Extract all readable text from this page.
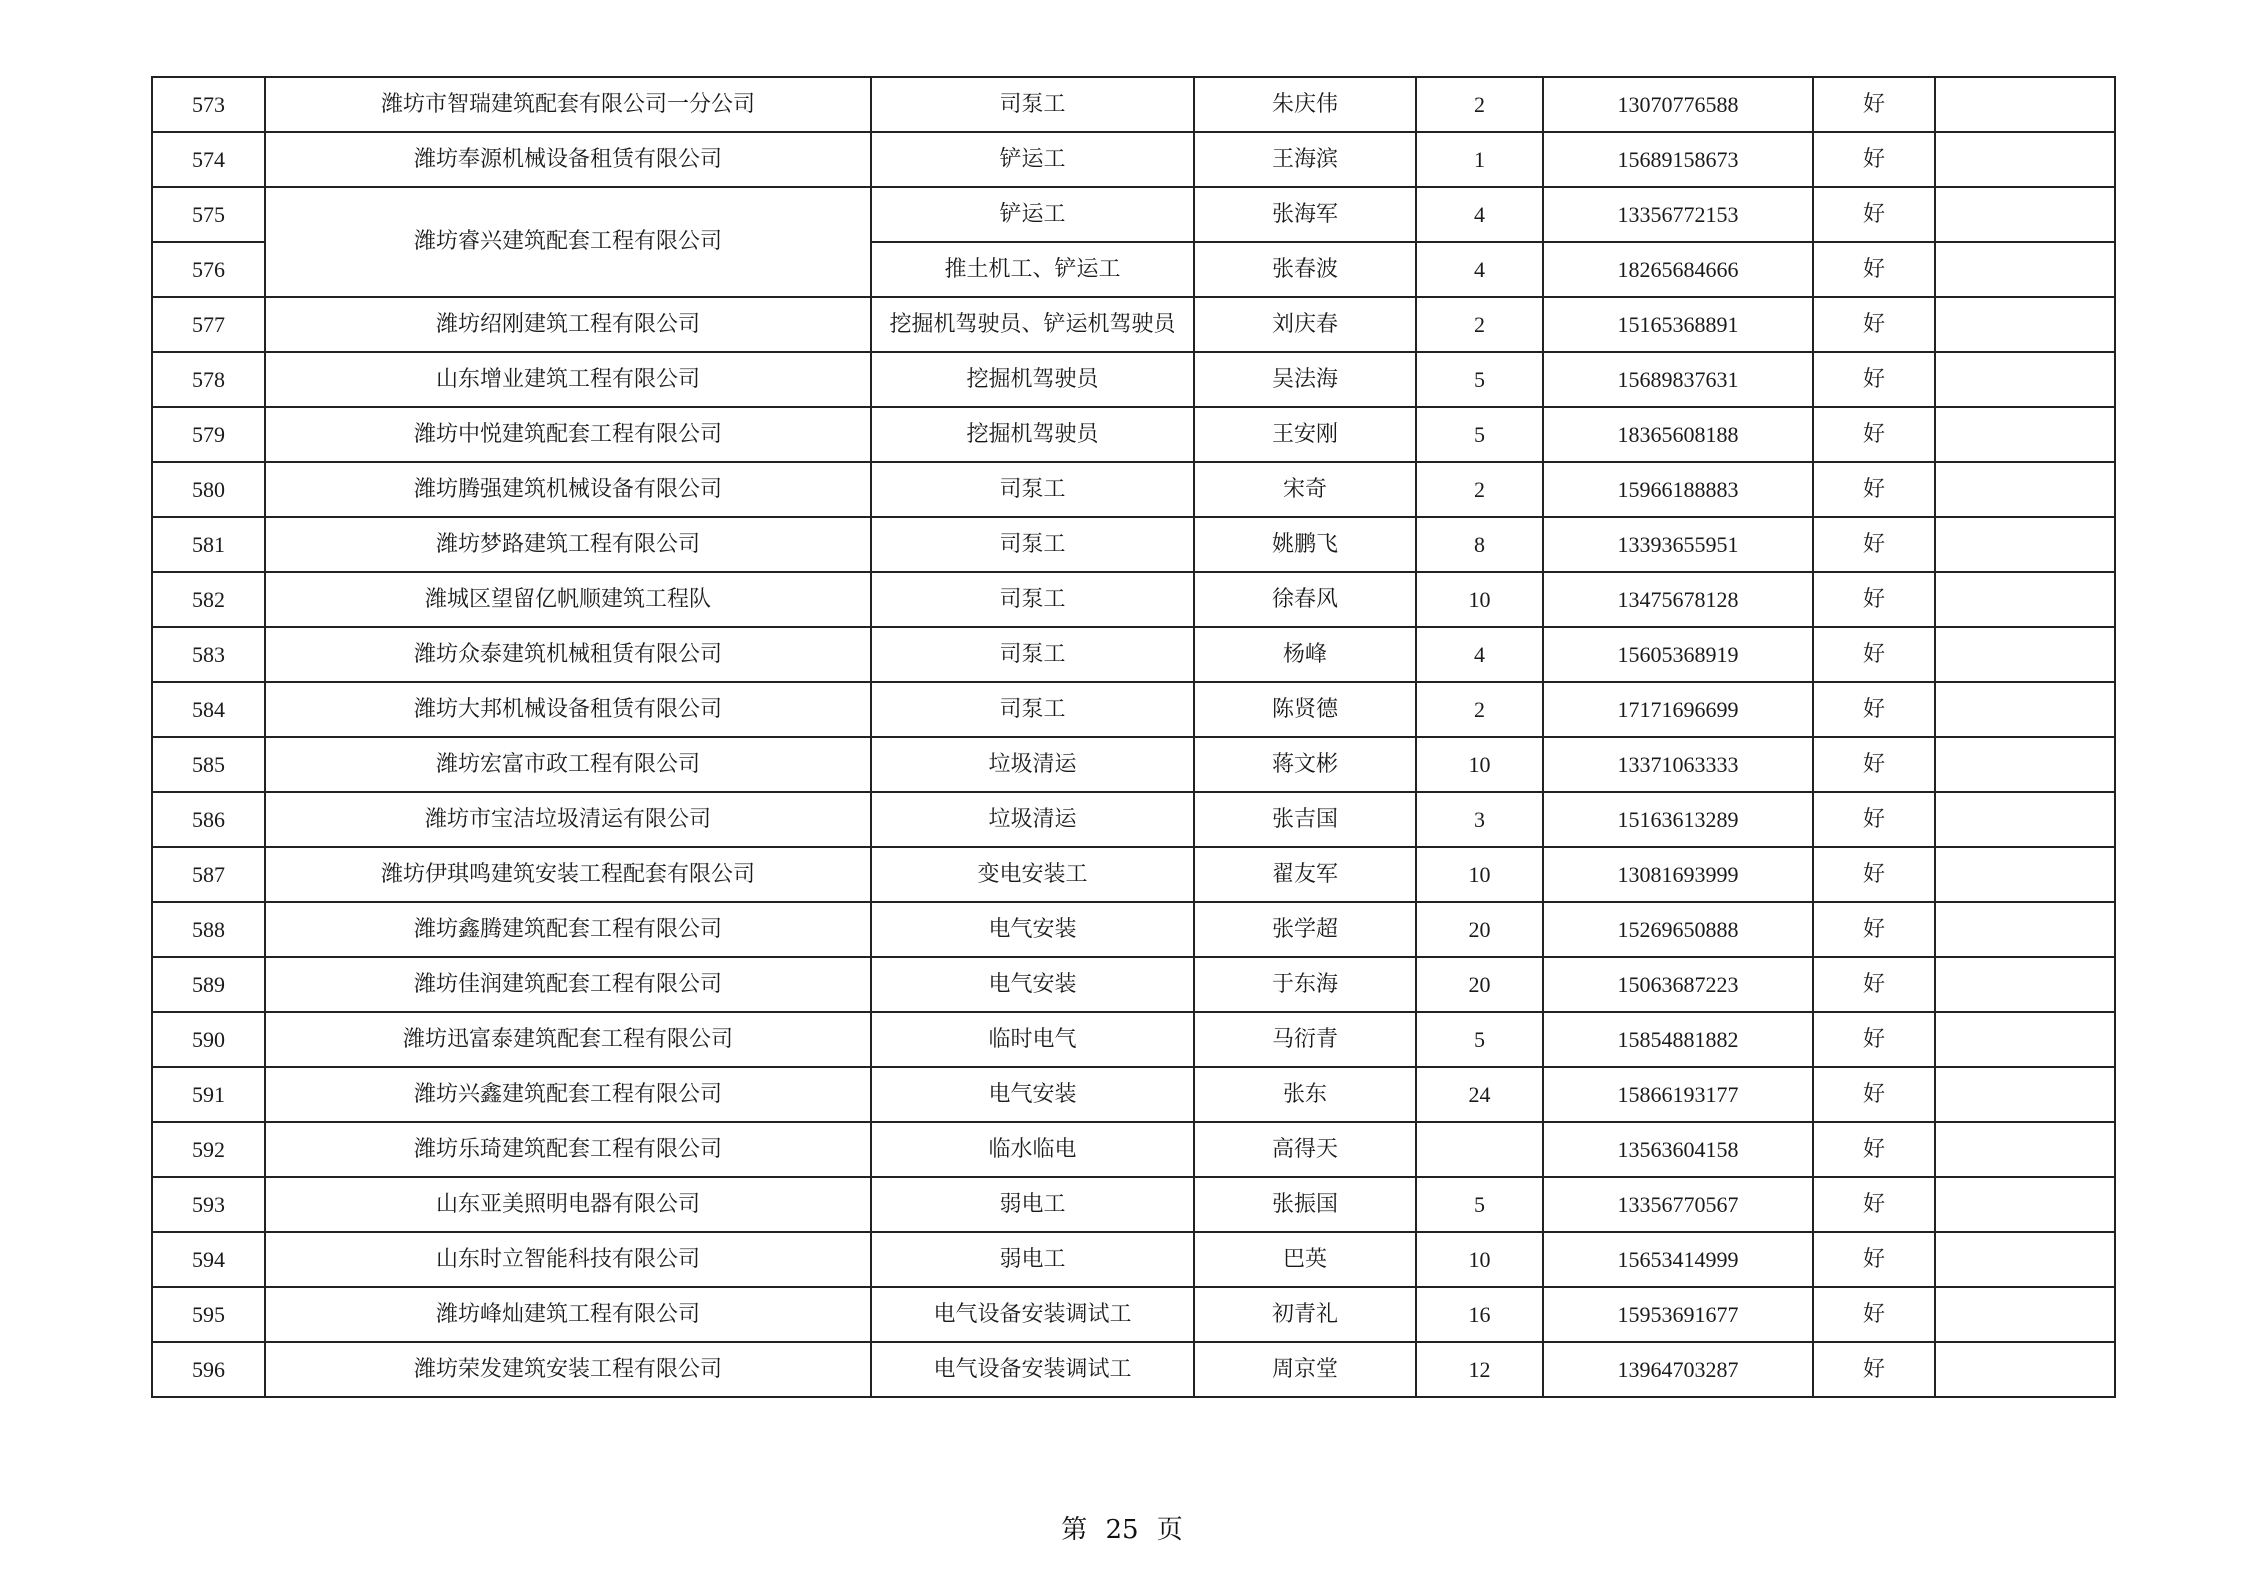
573	潍坊市智瑞建筑配套有限公司一分公司	司泵工	朱庆伟	2	13070776588	好	
574	潍坊奉源机械设备租赁有限公司	铲运工	王海滨	1	15689158673	好	
575	潍坊睿兴建筑配套工程有限公司	铲运工	张海军	4	13356772153	好	
576		推土机工、铲运工	张春波	4	18265684666	好	
577	潍坊绍刚建筑工程有限公司	挖掘机驾驶员、铲运机驾驶员	刘庆春	2	15165368891	好	
578	山东增业建筑工程有限公司	挖掘机驾驶员	吴法海	5	15689837631	好	
579	潍坊中悦建筑配套工程有限公司	挖掘机驾驶员	王安刚	5	18365608188	好	
580	潍坊腾强建筑机械设备有限公司	司泵工	宋奇	2	15966188883	好	
581	潍坊梦路建筑工程有限公司	司泵工	姚鹏飞	8	13393655951	好	
582	潍城区望留亿帆顺建筑工程队	司泵工	徐春风	10	13475678128	好	
583	潍坊众泰建筑机械租赁有限公司	司泵工	杨峰	4	15605368919	好	
584	潍坊大邦机械设备租赁有限公司	司泵工	陈贤德	2	17171696699	好	
585	潍坊宏富市政工程有限公司	垃圾清运	蒋文彬	10	13371063333	好	
586	潍坊市宝洁垃圾清运有限公司	垃圾清运	张吉国	3	15163613289	好	
587	潍坊伊琪鸣建筑安装工程配套有限公司	变电安装工	翟友军	10	13081693999	好	
588	潍坊鑫腾建筑配套工程有限公司	电气安装	张学超	20	15269650888	好	
589	潍坊佳润建筑配套工程有限公司	电气安装	于东海	20	15063687223	好	
590	潍坊迅富泰建筑配套工程有限公司	临时电气	马衍青	5	15854881882	好	
591	潍坊兴鑫建筑配套工程有限公司	电气安装	张东	24	15866193177	好	
592	潍坊乐琦建筑配套工程有限公司	临水临电	高得天		13563604158	好	
593	山东亚美照明电器有限公司	弱电工	张振国	5	13356770567	好	
594	山东时立智能科技有限公司	弱电工	巴英	10	15653414999	好	
595	潍坊峰灿建筑工程有限公司	电气设备安装调试工	初青礼	16	15953691677	好	
596	潍坊荣发建筑安装工程有限公司	电气设备安装调试工	周京堂	12	13964703287	好	
第 25 页
